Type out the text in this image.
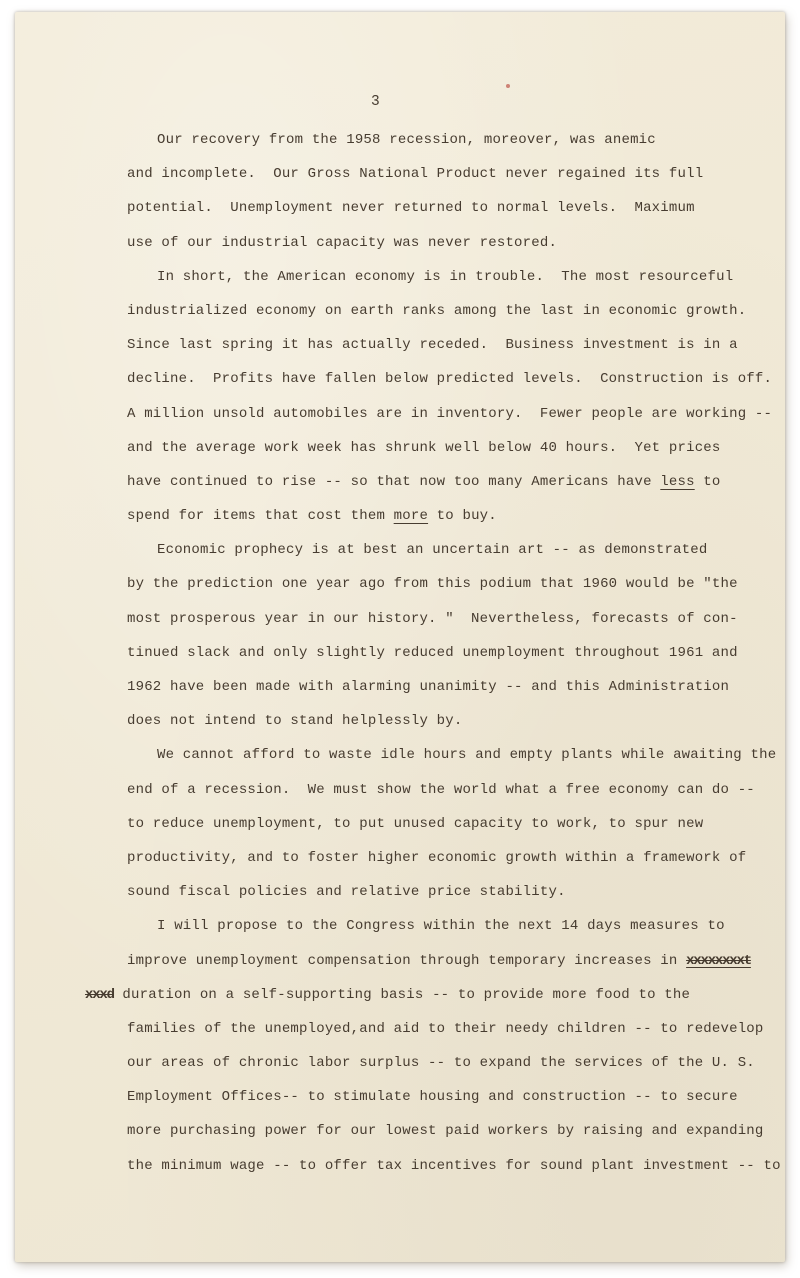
3
Our recovery from the 1958 recession, moreover, was anemic
and incomplete.  Our Gross National Product never regained its full
potential.  Unemployment never returned to normal levels.  Maximum
use of our industrial capacity was never restored.
In short, the American economy is in trouble.  The most resourceful
industrialized economy on earth ranks among the last in economic growth.
Since last spring it has actually receded.  Business investment is in a
decline.  Profits have fallen below predicted levels.  Construction is off.
A million unsold automobiles are in inventory.  Fewer people are working --
and the average work week has shrunk well below 40 hours.  Yet prices
have continued to rise -- so that now too many Americans have less to
spend for items that cost them more to buy.
Economic prophecy is at best an uncertain art -- as demonstrated
by the prediction one year ago from this podium that 1960 would be "the
most prosperous year in our history. "  Nevertheless, forecasts of con-
tinued slack and only slightly reduced unemployment throughout 1961 and
1962 have been made with alarming unanimity -- and this Administration
does not intend to stand helplessly by.
We cannot afford to waste idle hours and empty plants while awaiting the
end of a recession.  We must show the world what a free economy can do --
to reduce unemployment, to put unused capacity to work, to spur new
productivity, and to foster higher economic growth within a framework of
sound fiscal policies and relative price stability.
I will propose to the Congress within the next 14 days measures to
improve unemployment compensation through temporary increases in xxxxxxxxt
xxxd duration on a self-supporting basis -- to provide more food to the
families of the unemployed,and aid to their needy children -- to redevelop
our areas of chronic labor surplus -- to expand the services of the U. S.
Employment Offices-- to stimulate housing and construction -- to secure
more purchasing power for our lowest paid workers by raising and expanding
the minimum wage -- to offer tax incentives for sound plant investment -- to
